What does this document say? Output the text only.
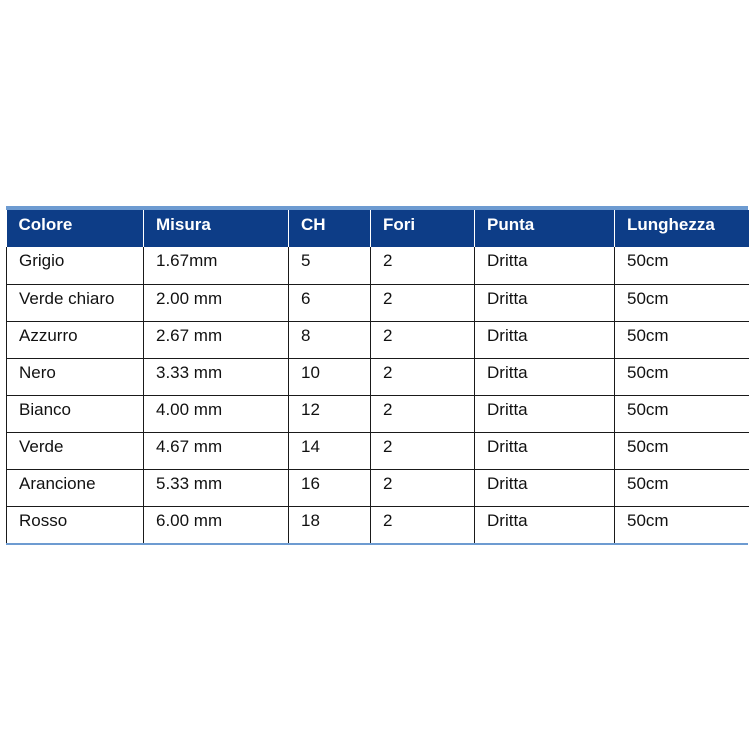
Colore	Misura	CH	Fori	Punta	Lunghezza
Grigio	1.67mm	5	2	Dritta	50cm
Verde chiaro	2.00 mm	6	2	Dritta	50cm
Azzurro	2.67 mm	8	2	Dritta	50cm
Nero	3.33 mm	10	2	Dritta	50cm
Bianco	4.00 mm	12	2	Dritta	50cm
Verde	4.67 mm	14	2	Dritta	50cm
Arancione	5.33 mm	16	2	Dritta	50cm
Rosso	6.00 mm	18	2	Dritta	50cm
